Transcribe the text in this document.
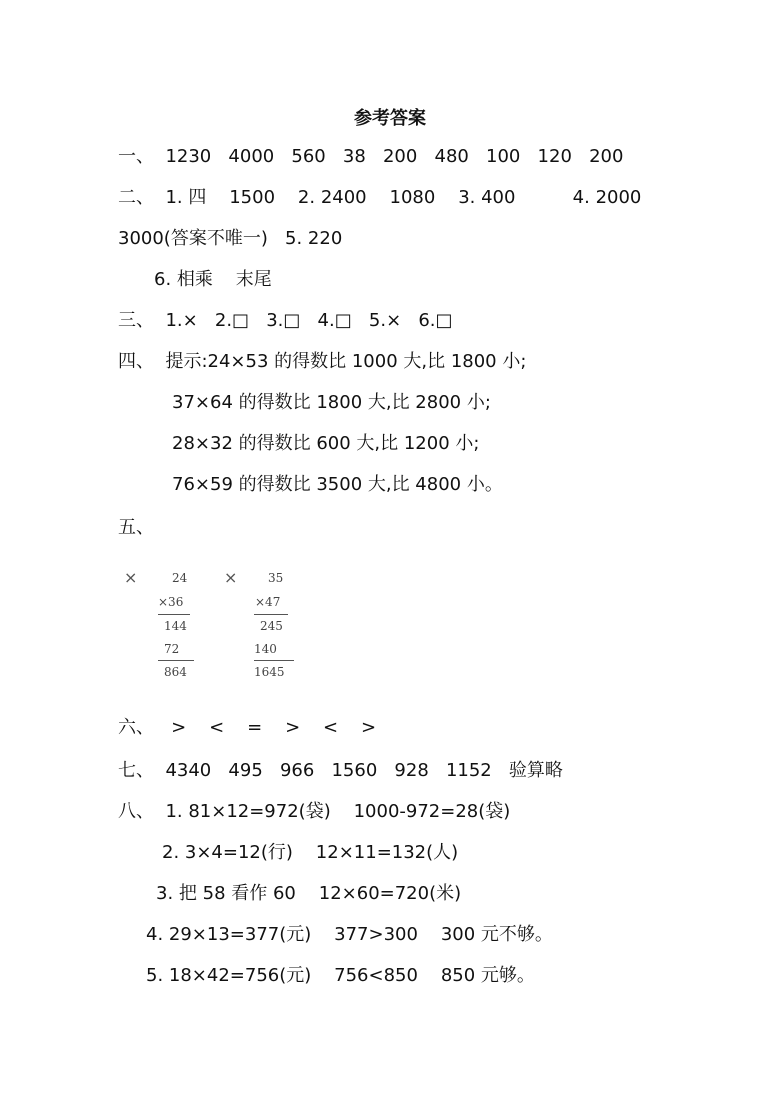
参考答案
一、  1230   4000   560   38   200   480   100   120   200
二、  1. 四    1500    2. 2400    1080    3. 400          4. 2000
3000(答案不唯一)   5. 220
6. 相乘    末尾
三、  1.×   2.□   3.□   4.□   5.×   6.□
四、  提示:24×53 的得数比 1000 大,比 1800 小;
37×64 的得数比 1800 大,比 2800 小;
28×32 的得数比 600 大,比 1200 小;
76×59 的得数比 3500 大,比 4800 小。
五、
×	24
×36
144
72
864
×	35
×47
245
140
1645
六、   >    <    =    >    <    >
七、  4340   495   966   1560   928   1152   验算略
八、  1. 81×12=972(袋)    1000-972=28(袋)
2. 3×4=12(行)    12×11=132(人)
3. 把 58 看作 60    12×60=720(米)
4. 29×13=377(元)    377>300    300 元不够。
5. 18×42=756(元)    756<850    850 元够。
